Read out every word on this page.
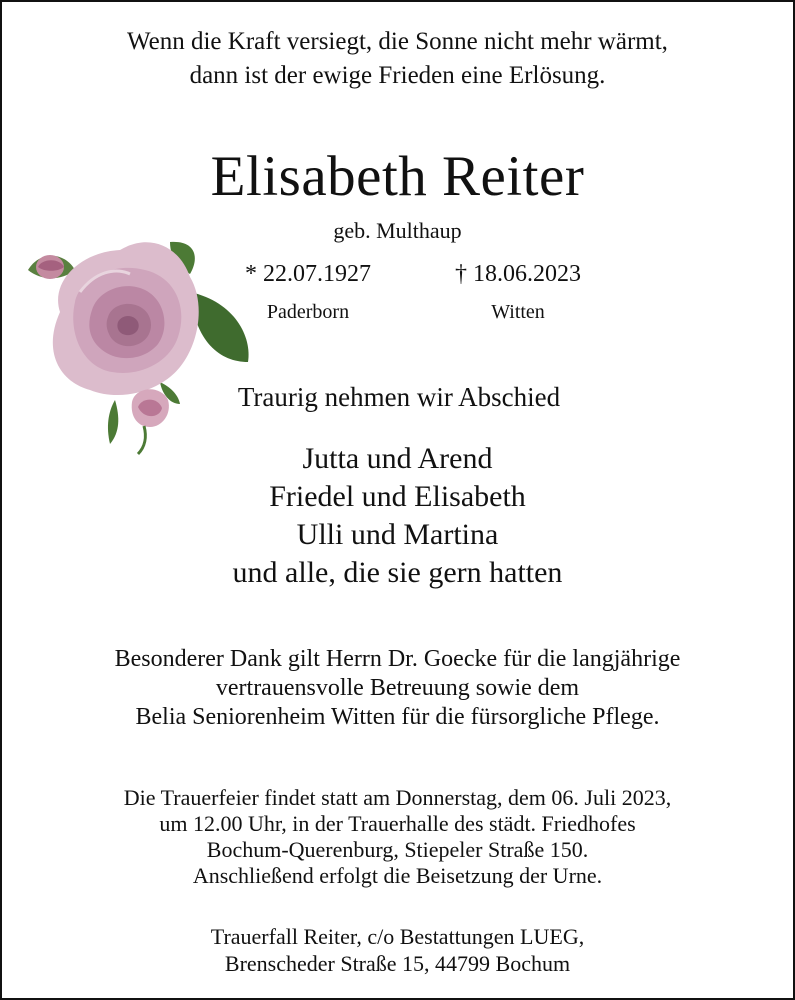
Wenn die Kraft versiegt, die Sonne nicht mehr wärmt,

dann ist der ewige Frieden eine Erlösung.

Elisabeth Reiter

geb. Multhaup

* 22.07.1927	† 18.06.2023
Paderborn	Witten

Traurig nehmen wir Abschied

Jutta und Arend

Friedel und Elisabeth

Ulli und Martina

und alle, die sie gern hatten

Besonderer Dank gilt Herrn Dr. Goecke für die langjährige

vertrauensvolle Betreuung sowie dem

Belia Seniorenheim Witten für die fürsorgliche Pflege.

Die Trauerfeier findet statt am Donnerstag, dem 06. Juli 2023,

um 12.00 Uhr, in der Trauerhalle des städt. Friedhofes

Bochum-Querenburg, Stiepeler Straße 150.

Anschließend erfolgt die Beisetzung der Urne.

Trauerfall Reiter, c/o Bestattungen LUEG,

Brenscheder Straße 15, 44799 Bochum
